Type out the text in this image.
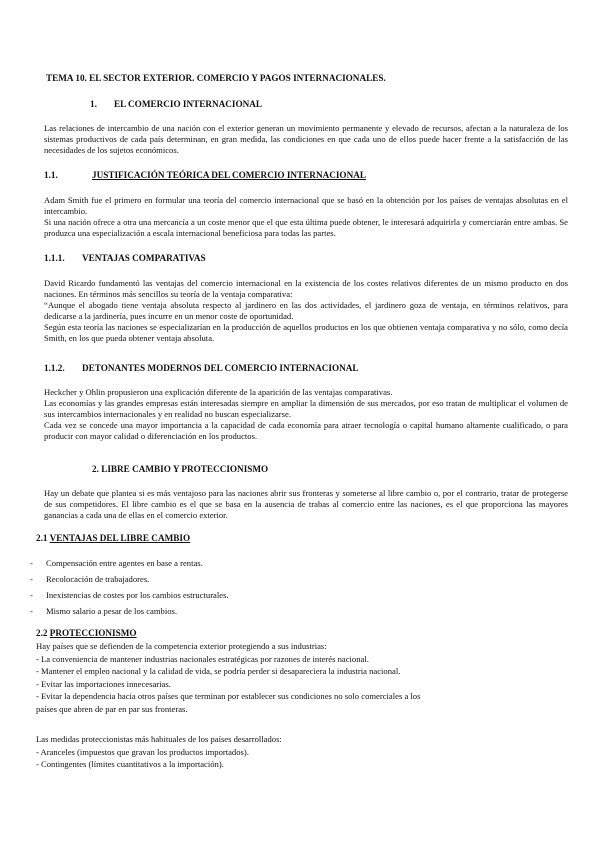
TEMA 10. EL SECTOR EXTERIOR. COMERCIO Y PAGOS INTERNACIONALES.

1. EL COMERCIO INTERNACIONAL

Las relaciones de intercambio de una nación con el exterior generan un movimiento permanente y elevado de recursos, afectan a la naturaleza de los sistemas productivos de cada país determinan, en gran medida, las condiciones en que cada uno de ellos puede hacer frente a la satisfacción de las necesidades de los sujetos económicos.

1.1.	JUSTIFICACIÓN TEÓRICA DEL COMERCIO INTERNACIONAL

Adam Smith fue el primero en formular una teoría del comercio internacional que se basó en la obtención por los países de ventajas absolutas en el intercambio.
Si una nación ofrece a otra una mercancía a un coste menor que el que esta última puede obtener, le interesará adquirirla y comerciarán entre ambas. Se produzca una especialización a escala internacional beneficiosa para todas las partes.

1.1.1. VENTAJAS COMPARATIVAS

David Ricardo fundamentó las ventajas del comercio internacional en la existencia de los costes relativos diferentes de un mismo producto en dos naciones. En términos más sencillos su teoría de la ventaja comparativa:
“Aunque el abogado tiene ventaja absoluta respecto al jardinero en las dos actividades, el jardinero goza de ventaja, en términos relativos, para dedicarse a la jardinería, pues incurre en un menor coste de oportunidad.
Según esta teoría las naciones se especializarían en la producción de aquellos productos en los que obtienen ventaja comparativa y no sólo, como decía Smith, en los que pueda obtener ventaja absoluta.

1.1.2. DETONANTES MODERNOS DEL COMERCIO INTERNACIONAL

Heckcher y Ohlin propusieron una explicación diferente de la aparición de las ventajas comparativas.
Las economías y las grandes empresas están interesadas siempre en ampliar la dimensión de sus mercados, por eso tratan de multiplicar el volumen de sus intercambios internacionales y en realidad no buscan especializarse.
Cada vez se concede una mayor importancia a la capacidad de cada economía para atraer tecnología o capital humano altamente cualificado, o para producir con mayor calidad o diferenciación en los productos.

2. LIBRE CAMBIO Y PROTECCIONISMO

Hay un debate que plantea si es más ventajoso para las naciones abrir sus fronteras y someterse al libre cambio o, por el contrario, tratar de protegerse de sus competidores. El libre cambio es el que se basa en la ausencia de trabas al comercio entre las naciones, es el que proporciona las mayores ganancias a cada una de ellas en el comercio exterior.

2.1 VENTAJAS DEL LIBRE CAMBIO

- Compensación entre agentes en base a rentas.

- Recolocación de trabajadores.

- Inexistencias de costes por los cambios estructurales.

- Mismo salario a pesar de los cambios.

2.2 PROTECCIONISMO

Hay países que se defienden de la competencia exterior protegiendo a sus industrias:
- La conveniencia de mantener industrias nacionales estratégicas por razones de interés nacional.
- Mantener el empleo nacional y la calidad de vida, se podría perder si desapareciera la industria nacional.
- Evitar las importaciones innecesarias.
- Evitar la dependencia hacia otros países que terminan por establecer sus condiciones no solo comerciales a los
países que abren de par en par sus fronteras.
Las medidas proteccionistas más habituales de los países desarrollados:
- Aranceles (impuestos que gravan los productos importados).
- Contingentes (límites cuantitativos a la importación).
